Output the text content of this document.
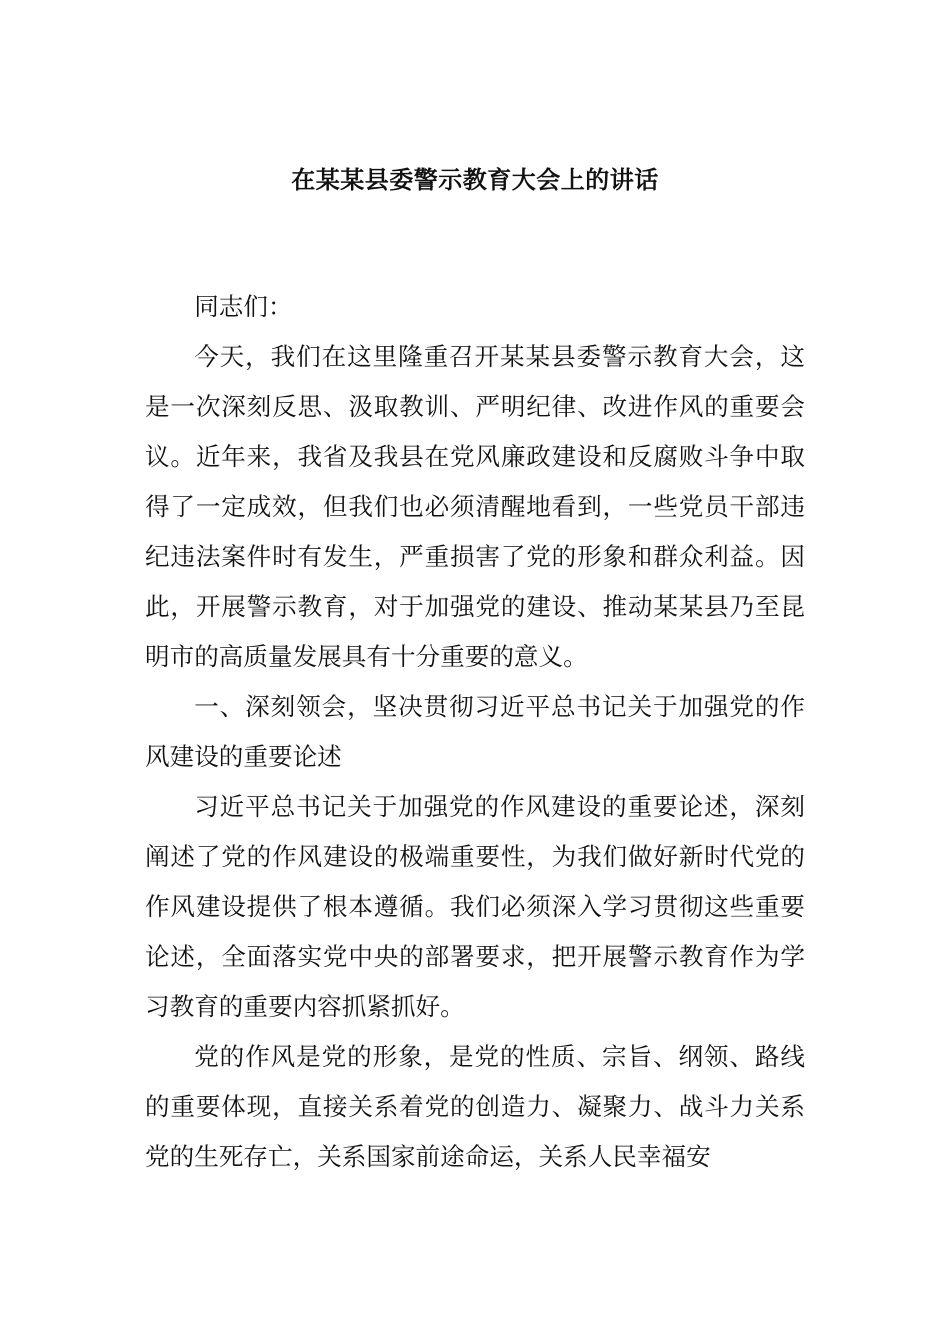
在某某县委警示教育大会上的讲话

同志们：

今天，我们在这里隆重召开某某县委警示教育大会，这是一次深刻反思、汲取教训、严明纪律、改进作风的重要会议。近年来，我省及我县在党风廉政建设和反腐败斗争中取得了一定成效，但我们也必须清醒地看到，一些党员干部违纪违法案件时有发生，严重损害了党的形象和群众利益。因此，开展警示教育，对于加强党的建设、推动某某县乃至昆明市的高质量发展具有十分重要的意义。

一、深刻领会，坚决贯彻习近平总书记关于加强党的作风建设的重要论述

习近平总书记关于加强党的作风建设的重要论述，深刻阐述了党的作风建设的极端重要性，为我们做好新时代党的作风建设提供了根本遵循。我们必须深入学习贯彻这些重要论述，全面落实党中央的部署要求，把开展警示教育作为学习教育的重要内容抓紧抓好。

党的作风是党的形象，是党的性质、宗旨、纲领、路线的重要体现，直接关系着党的创造力、凝聚力、战斗力关系党的生死存亡，关系国家前途命运，关系人民幸福安
